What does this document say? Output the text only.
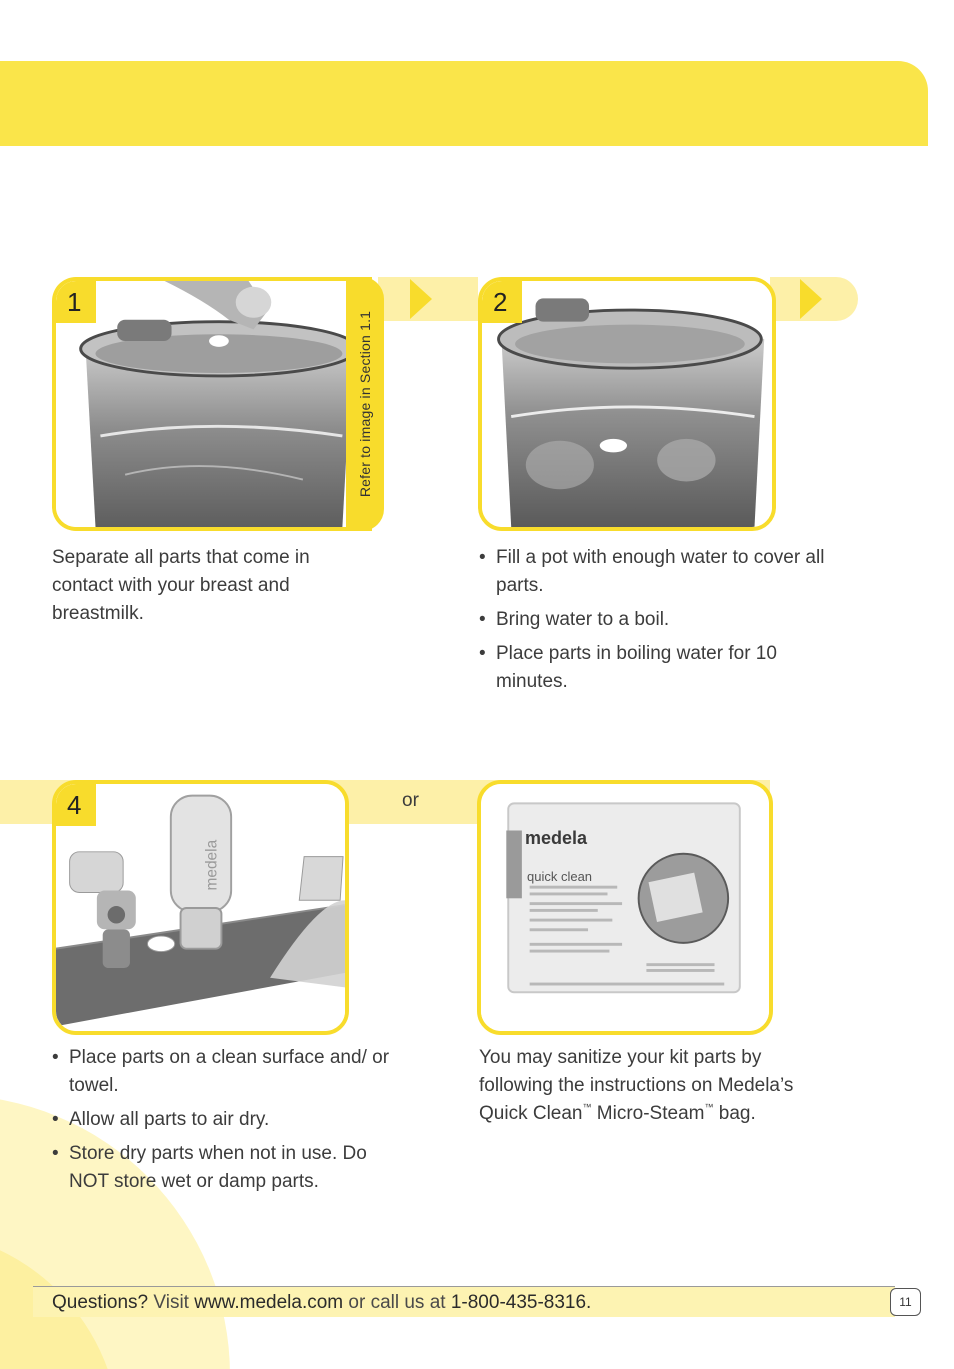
1
Refer to image in Section 1.1
Separate all parts that come in contact with your breast and breastmilk.
2
• Fill a pot with enough water to cover all parts.
• Bring water to a boil.
• Place parts in boiling water for 10 minutes.
4
medela
or
medela
quick clean
• Place parts on a clean surface and/ or towel.
• Allow all parts to air dry.
• Store dry parts when not in use. Do NOT store wet or damp parts.
You may sanitize your kit parts by following the instructions on Medela’s Quick Clean™ Micro-Steam™ bag.
Questions? Visit www.medela.com or call us at 1-800-435-8316.	11
